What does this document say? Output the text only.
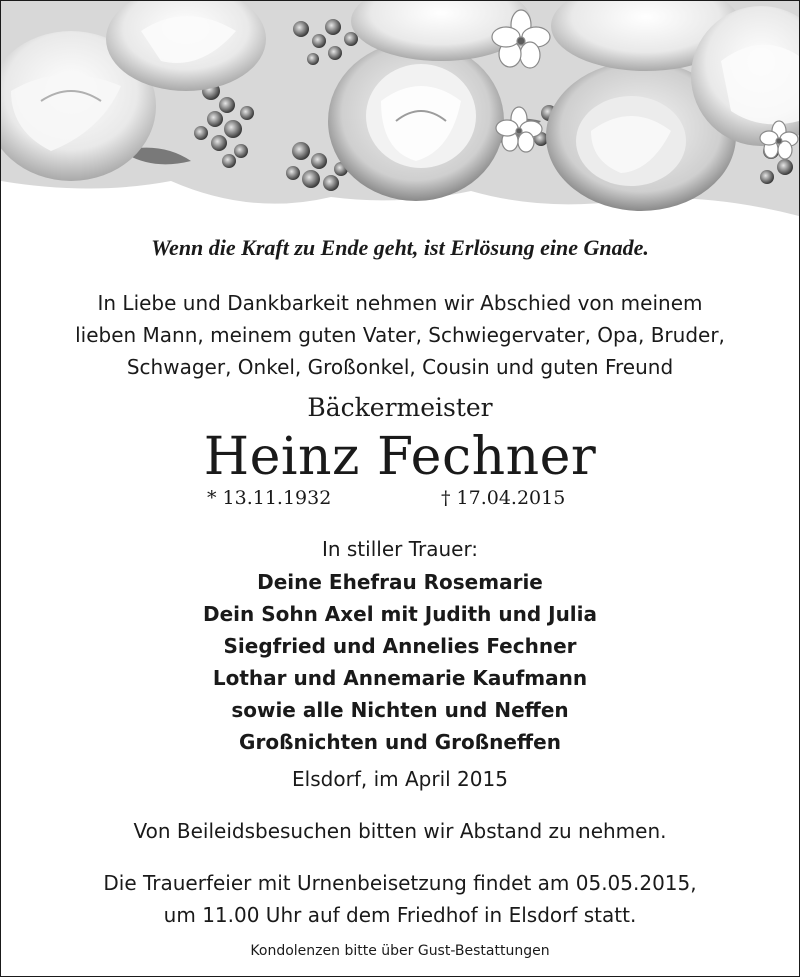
Wenn die Kraft zu Ende geht, ist Erlösung eine Gnade.
In Liebe und Dankbarkeit nehmen wir Abschied von meinem
lieben Mann, meinem guten Vater, Schwiegervater, Opa, Bruder,
Schwager, Onkel, Großonkel, Cousin und guten Freund
Bäckermeister
Heinz Fechner
* 13.11.1932	† 17.04.2015
In stiller Trauer:
Deine Ehefrau Rosemarie
Dein Sohn Axel mit Judith und Julia
Siegfried und Annelies Fechner
Lothar und Annemarie Kaufmann
sowie alle Nichten und Neffen
Großnichten und Großneffen
Elsdorf, im April 2015
Von Beileidsbesuchen bitten wir Abstand zu nehmen.
Die Trauerfeier mit Urnenbeisetzung findet am 05.05.2015,
um 11.00 Uhr auf dem Friedhof in Elsdorf statt.
Kondolenzen bitte über Gust-Bestattungen
